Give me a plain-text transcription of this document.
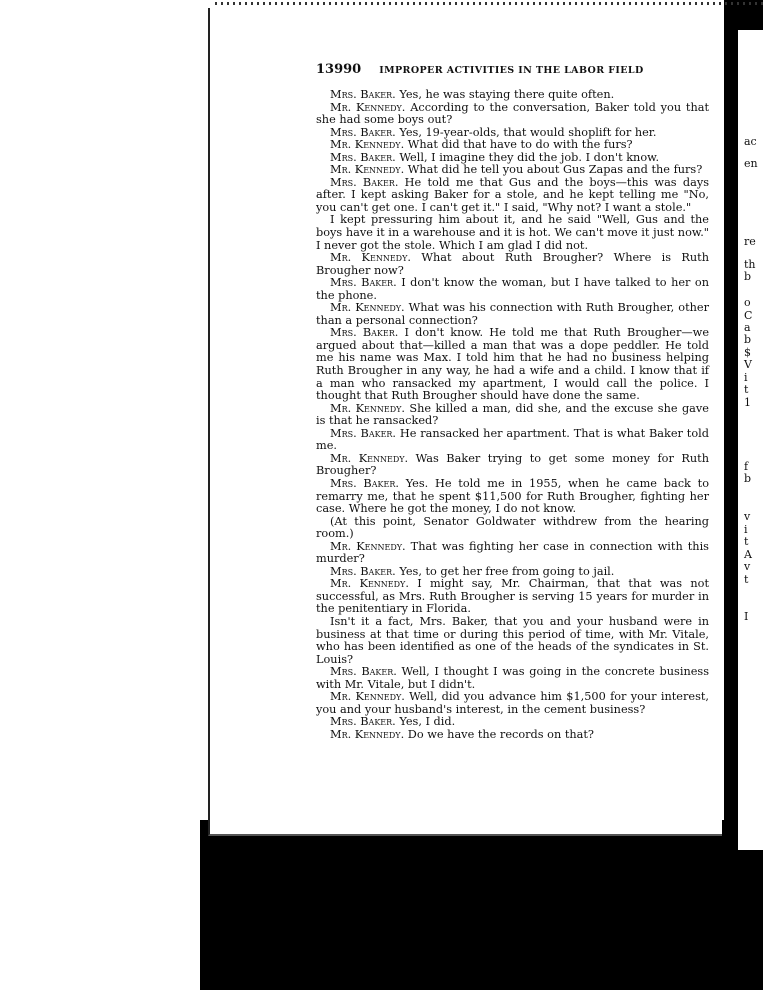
ac
en
re
th
b
o
C
a
b
$
V
i
t
1
f
b
v
i
t
A
v
t
I
13990 IMPROPER ACTIVITIES IN THE LABOR FIELD

Mrs. Baker. Yes, he was staying there quite often.

Mr. Kennedy. According to the conversation, Baker told you that she had some boys out?

Mrs. Baker. Yes, 19-year-olds, that would shoplift for her.

Mr. Kennedy. What did that have to do with the furs?

Mrs. Baker. Well, I imagine they did the job. I don't know.

Mr. Kennedy. What did he tell you about Gus Zapas and the furs?

Mrs. Baker. He told me that Gus and the boys—this was days after. I kept asking Baker for a stole, and he kept telling me "No, you can't get one. I can't get it." I said, "Why not? I want a stole."

I kept pressuring him about it, and he said "Well, Gus and the boys have it in a warehouse and it is hot. We can't move it just now." I never got the stole. Which I am glad I did not.

Mr. Kennedy. What about Ruth Brougher? Where is Ruth Brougher now?

Mrs. Baker. I don't know the woman, but I have talked to her on the phone.

Mr. Kennedy. What was his connection with Ruth Brougher, other than a personal connection?

Mrs. Baker. I don't know. He told me that Ruth Brougher—we argued about that—killed a man that was a dope peddler. He told me his name was Max. I told him that he had no business helping Ruth Brougher in any way, he had a wife and a child. I know that if a man who ransacked my apartment, I would call the police. I thought that Ruth Brougher should have done the same.

Mr. Kennedy. She killed a man, did she, and the excuse she gave is that he ransacked?

Mrs. Baker. He ransacked her apartment. That is what Baker told me.

Mr. Kennedy. Was Baker trying to get some money for Ruth Brougher?

Mrs. Baker. Yes. He told me in 1955, when he came back to remarry me, that he spent $11,500 for Ruth Brougher, fighting her case. Where he got the money, I do not know.

(At this point, Senator Goldwater withdrew from the hearing room.)

Mr. Kennedy. That was fighting her case in connection with this murder?

Mrs. Baker. Yes, to get her free from going to jail.

Mr. Kennedy. I might say, Mr. Chairman, that that was not successful, as Mrs. Ruth Brougher is serving 15 years for murder in the penitentiary in Florida.

Isn't it a fact, Mrs. Baker, that you and your husband were in business at that time or during this period of time, with Mr. Vitale, who has been identified as one of the heads of the syndicates in St. Louis?

Mrs. Baker. Well, I thought I was going in the concrete business with Mr. Vitale, but I didn't.

Mr. Kennedy. Well, did you advance him $1,500 for your interest, you and your husband's interest, in the cement business?

Mrs. Baker. Yes, I did.

Mr. Kennedy. Do we have the records on that?
